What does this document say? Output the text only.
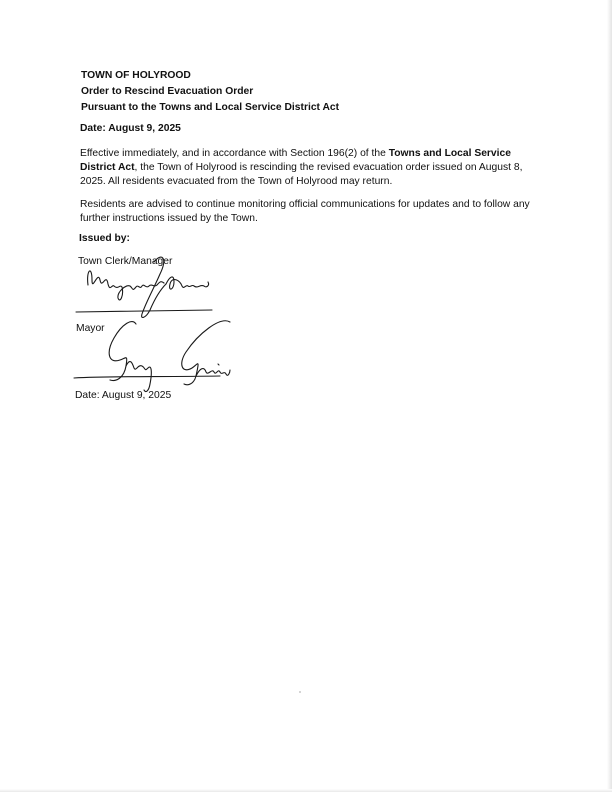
TOWN OF HOLYROOD
Order to Rescind Evacuation Order
Pursuant to the Towns and Local Service District Act
Date: August 9, 2025
Effective immediately, and in accordance with Section 196(2) of the Towns and Local Service District Act, the Town of Holyrood is rescinding the revised evacuation order issued on August 8, 2025. All residents evacuated from the Town of Holyrood may return.
Residents are advised to continue monitoring official communications for updates and to follow any further instructions issued by the Town.
Issued by:
Town Clerk/Manager
Mayor
Date: August 9, 2025
